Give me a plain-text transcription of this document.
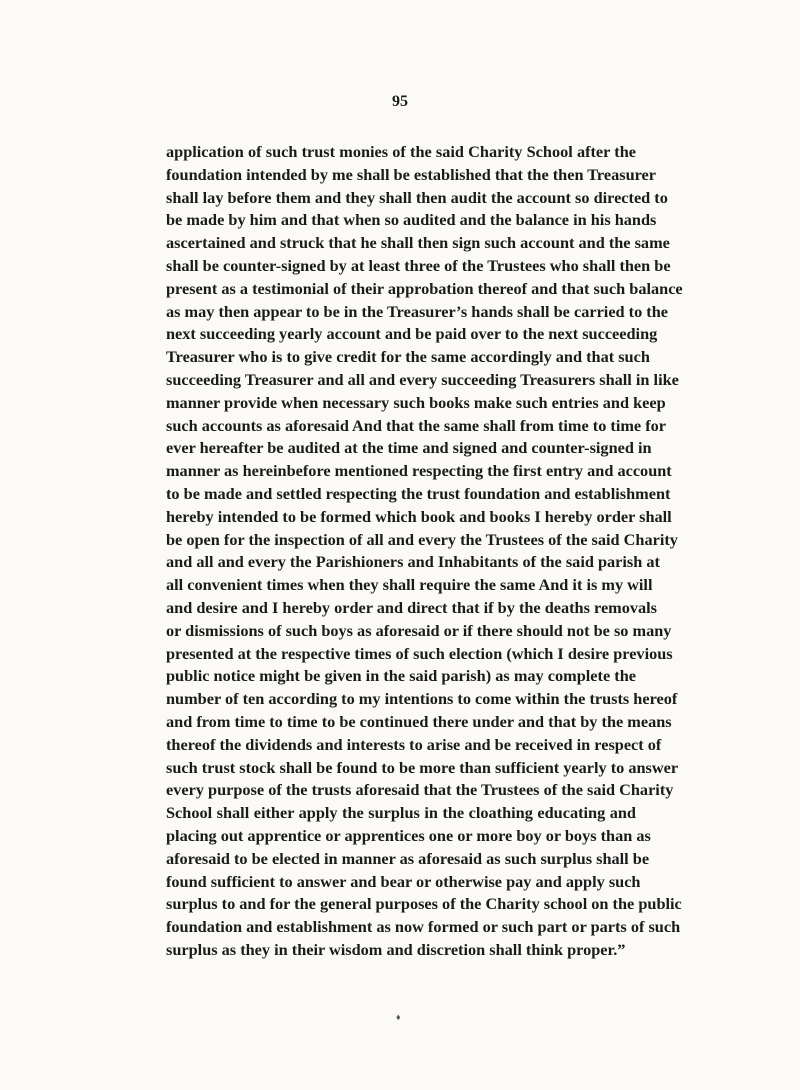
95
application of such trust monies of the said Charity School after the
foundation intended by me shall be established that the then Treasurer
shall lay before them and they shall then audit the account so directed to
be made by him and that when so audited and the balance in his hands
ascertained and struck that he shall then sign such account and the same
shall be counter-signed by at least three of the Trustees who shall then be
present as a testimonial of their approbation thereof and that such balance
as may then appear to be in the Treasurer’s hands shall be carried to the
next succeeding yearly account and be paid over to the next succeeding
Treasurer who is to give credit for the same accordingly and that such
succeeding Treasurer and all and every succeeding Treasurers shall in like
manner provide when necessary such books make such entries and keep
such accounts as aforesaid And that the same shall from time to time for
ever hereafter be audited at the time and signed and counter-signed in
manner as hereinbefore mentioned respecting the first entry and account
to be made and settled respecting the trust foundation and establishment
hereby intended to be formed which book and books I hereby order shall
be open for the inspection of all and every the Trustees of the said Charity
and all and every the Parishioners and Inhabitants of the said parish at
all convenient times when they shall require the same And it is my will
and desire and I hereby order and direct that if by the deaths removals
or dismissions of such boys as aforesaid or if there should not be so many
presented at the respective times of such election (which I desire previous
public notice might be given in the said parish) as may complete the
number of ten according to my intentions to come within the trusts hereof
and from time to time to be continued there under and that by the means
thereof the dividends and interests to arise and be received in respect of
such trust stock shall be found to be more than sufficient yearly to answer
every purpose of the trusts aforesaid that the Trustees of the said Charity
School shall either apply the surplus in the cloathing educating and
placing out apprentice or apprentices one or more boy or boys than as
aforesaid to be elected in manner as aforesaid as such surplus shall be
found sufficient to answer and bear or otherwise pay and apply such
surplus to and for the general purposes of the Charity school on the public
foundation and establishment as now formed or such part or parts of such
surplus as they in their wisdom and discretion shall think proper.”
♦
